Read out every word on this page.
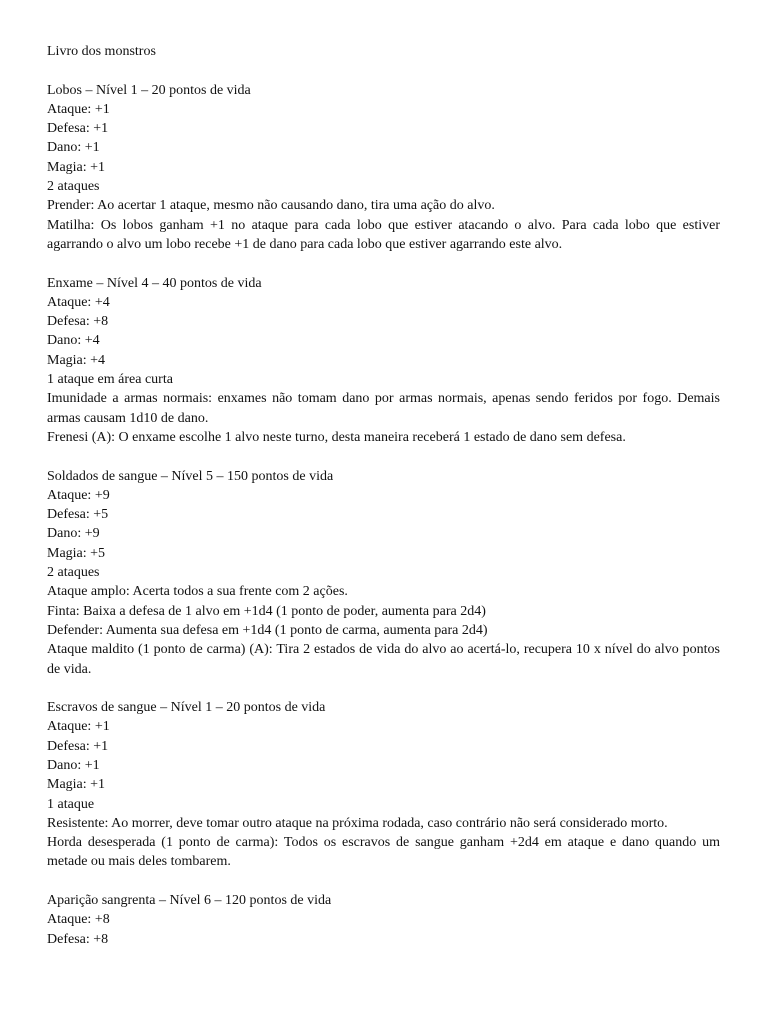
Livro dos monstros

Lobos – Nível 1 – 20 pontos de vida

Ataque: +1

Defesa: +1

Dano: +1

Magia: +1

2 ataques

Prender: Ao acertar 1 ataque, mesmo não causando dano, tira uma ação do alvo.

Matilha: Os lobos ganham +1 no ataque para cada lobo que estiver atacando o alvo. Para cada lobo que estiver agarrando o alvo um lobo recebe +1 de dano para cada lobo que estiver agarrando este alvo.

Enxame – Nível 4 – 40 pontos de vida

Ataque: +4

Defesa: +8

Dano: +4

Magia: +4

1 ataque em área curta

Imunidade a armas normais: enxames não tomam dano por armas normais, apenas sendo feridos por fogo. Demais armas causam 1d10 de dano.

Frenesi (A): O enxame escolhe 1 alvo neste turno, desta maneira receberá 1 estado de dano sem defesa.

Soldados de sangue – Nível 5 – 150 pontos de vida

Ataque: +9

Defesa: +5

Dano: +9

Magia: +5

2 ataques

Ataque amplo: Acerta todos a sua frente com 2 ações.

Finta: Baixa a defesa de 1 alvo em +1d4 (1 ponto de poder, aumenta para 2d4)

Defender: Aumenta sua defesa em +1d4 (1 ponto de carma, aumenta para 2d4)

Ataque maldito (1 ponto de carma) (A): Tira 2 estados de vida do alvo ao acertá-lo, recupera 10 x nível do alvo pontos de vida.

Escravos de sangue – Nível 1 – 20 pontos de vida

Ataque: +1

Defesa: +1

Dano: +1

Magia: +1

1 ataque

Resistente: Ao morrer, deve tomar outro ataque na próxima rodada, caso contrário não será considerado morto.

Horda desesperada (1 ponto de carma): Todos os escravos de sangue ganham +2d4 em ataque e dano quando um metade ou mais deles tombarem.

Aparição sangrenta – Nível 6 – 120 pontos de vida

Ataque: +8

Defesa: +8
